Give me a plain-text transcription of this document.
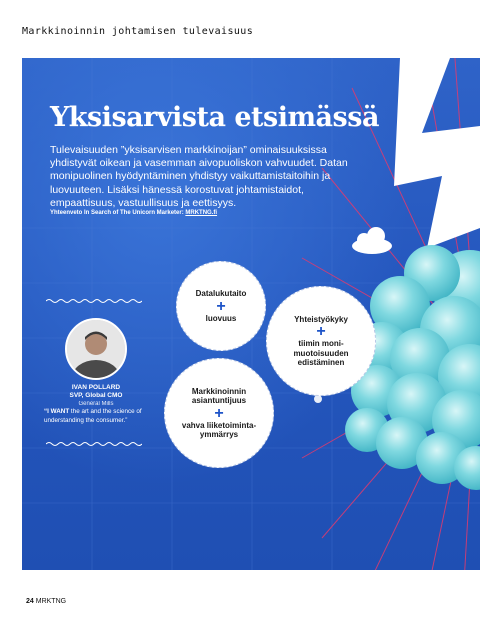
Markkinoinnin johtamisen tulevaisuus
Yksisarvista etsimässä

Tulevaisuuden ”yksisarvisen markkinoijan” ominaisuuksissa yhdistyvät oikean ja vasemman aivopuoliskon vahvuudet. Datan monipuolinen hyödyntäminen yhdistyy vaikuttamistaitoihin ja luovuuteen. Lisäksi hänessä korostuvat johtamistaidot, empaattisuus, vastuullisuus ja eettisyys.

Yhteenveto In Search of The Unicorn Marketer: MRKTNG.fi
IVAN POLLARD
SVP, Global CMO
General Mills
“I WANT the art and the science of understanding the consumer.”
Datalukutaito
+
luovuus	Yhteistyökyky
+
tiimin moni-muotoisuuden edistäminen
Markkinoinnin asiantuntijuus
+
vahva liiketoiminta-ymmärrys
24 MRKTNG
